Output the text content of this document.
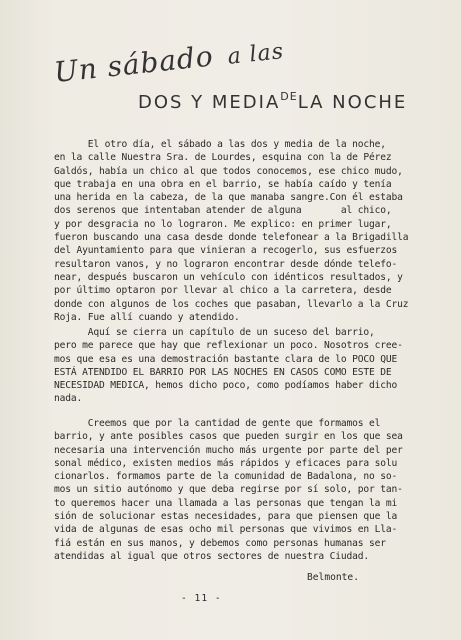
Un sábado a las
DOS Y $MEDIA^{DE}LA$ NOCHE
El otro día, el sábado a las dos y media de la noche,
en la calle Nuestra Sra. de Lourdes, esquina con la de Pérez
Galdós, había un chico al que todos conocemos, ese chico mudo,
que trabaja en una obra en el barrio, se había caído y tenía
una herida en la cabeza, de la que manaba sangre.Con él estaba
dos serenos que intentaban atender de alguna       al chico,
y por desgracia no lo lograron. Me explico: en primer lugar,
fueron buscando una casa desde donde telefonear a la Brigadilla
del Ayuntamiento para que vinieran a recogerlo, sus esfuerzos
resultaron vanos, y no lograron encontrar desde dónde telefo-
near, después buscaron un vehículo con idénticos resultados, y
por último optaron por llevar al chico a la carretera, desde
donde con algunos de los coches que pasaban, llevarlo a la Cruz
Roja. Fue allí cuando y atendido.
Aquí se cierra un capítulo de un suceso del barrio,
pero me parece que hay que reflexionar un poco. Nosotros cree-
mos que esa es una demostración bastante clara de lo POCO QUE
ESTÁ ATENDIDO EL BARRIO POR LAS NOCHES EN CASOS COMO ESTE DE
NECESIDAD MEDICA, hemos dicho poco, como podíamos haber dicho
nada.
Creemos que por la cantidad de gente que formamos el
barrio, y ante posibles casos que pueden surgir en los que sea
necesaria una intervención mucho más urgente por parte del per
sonal médico, existen medios más rápidos y eficaces para solu
cionarlos. formamos parte de la comunidad de Badalona, no so-
mos un sitio autónomo y que deba regirse por sí solo, por tan-
to queremos hacer una llamada a las personas que tengan la mi
sión de solucionar estas necesidades, para que piensen que la
vida de algunas de esas ocho mil personas que vivimos en Lla-
fiá están en sus manos, y debemos como personas humanas ser
atendidas al igual que otros sectores de nuestra Ciudad.
Belmonte.
- 11 -
